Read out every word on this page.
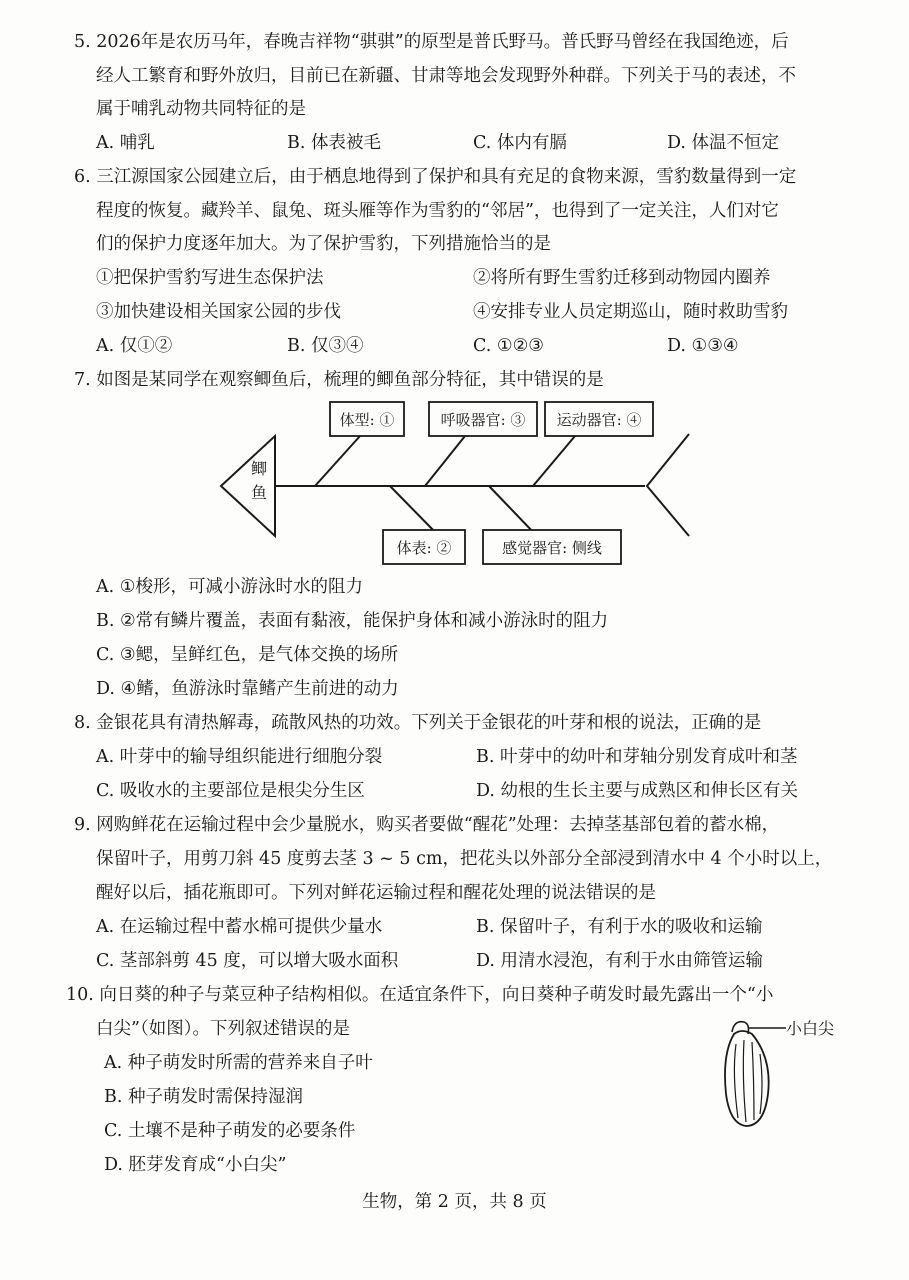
5. 2026年是农历马年，春晚吉祥物“骐骐”的原型是普氏野马。普氏野马曾经在我国绝迹，后
经人工繁育和野外放归，目前已在新疆、甘肃等地会发现野外种群。下列关于马的表述，不
属于哺乳动物共同特征的是
A. 哺乳	B. 体表被毛	C. 体内有膈	D. 体温不恒定
6. 三江源国家公园建立后，由于栖息地得到了保护和具有充足的食物来源，雪豹数量得到一定
程度的恢复。藏羚羊、鼠兔、斑头雁等作为雪豹的“邻居”，也得到了一定关注，人们对它
们的保护力度逐年加大。为了保护雪豹，下列措施恰当的是
①把保护雪豹写进生态保护法	②将所有野生雪豹迁移到动物园内圈养
③加快建设相关国家公园的步伐	④安排专业人员定期巡山，随时救助雪豹
A. 仅①②	B. 仅③④	C. ①②③	D. ①③④
7. 如图是某同学在观察鲫鱼后，梳理的鲫鱼部分特征，其中错误的是
鲫
鱼
体型: ①	呼吸器官: ③ 运动器官: ④
体表: ②	感觉器官: 侧线
A. ①梭形，可减小游泳时水的阻力
B. ②常有鳞片覆盖，表面有黏液，能保护身体和减小游泳时的阻力
C. ③鳃，呈鲜红色，是气体交换的场所
D. ④鳍，鱼游泳时靠鳍产生前进的动力
8. 金银花具有清热解毒，疏散风热的功效。下列关于金银花的叶芽和根的说法，正确的是
A. 叶芽中的输导组织能进行细胞分裂	B. 叶芽中的幼叶和芽轴分别发育成叶和茎
C. 吸收水的主要部位是根尖分生区	D. 幼根的生长主要与成熟区和伸长区有关
9. 网购鲜花在运输过程中会少量脱水，购买者要做“醒花”处理：去掉茎基部包着的蓄水棉，
保留叶子，用剪刀斜 45 度剪去茎 3 ~ 5 cm，把花头以外部分全部浸到清水中 4 个小时以上，
醒好以后，插花瓶即可。下列对鲜花运输过程和醒花处理的说法错误的是
A. 在运输过程中蓄水棉可提供少量水	B. 保留叶子，有利于水的吸收和运输
C. 茎部斜剪 45 度，可以增大吸水面积	D. 用清水浸泡，有利于水由筛管运输
10. 向日葵的种子与菜豆种子结构相似。在适宜条件下，向日葵种子萌发时最先露出一个“小
白尖”（如图）。下列叙述错误的是
A. 种子萌发时所需的营养来自子叶
B. 种子萌发时需保持湿润
C. 土壤不是种子萌发的必要条件
D. 胚芽发育成“小白尖”
小白尖
生物，第 2 页，共 8 页
